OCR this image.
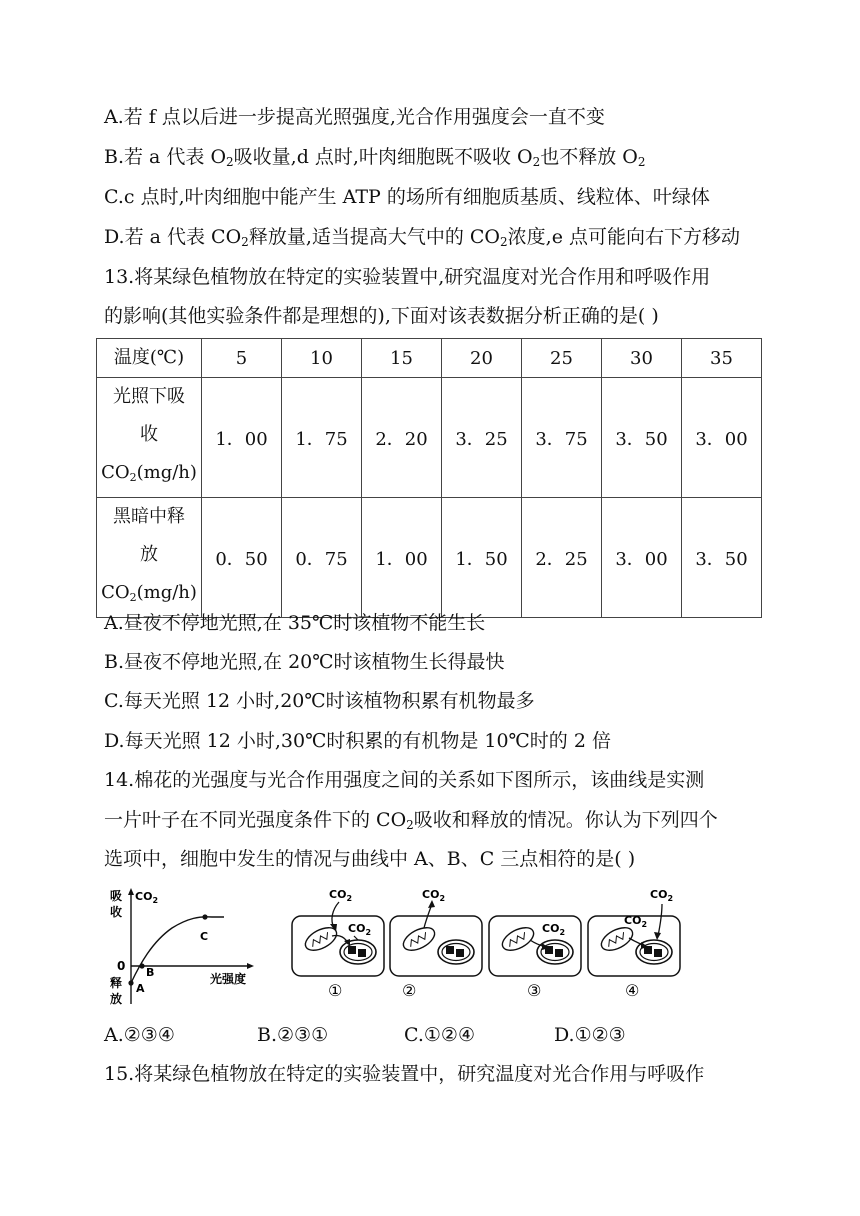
A.若 f 点以后进一步提高光照强度,光合作用强度会一直不变
B.若 a 代表 $O_2$吸收量,d 点时,叶肉细胞既不吸收 $O_2$也不释放 $O_2$
C.c 点时,叶肉细胞中能产生 ATP 的场所有细胞质基质、线粒体、叶绿体
D.若 a 代表 $CO_2$释放量,适当提高大气中的 $CO_2$浓度,e 点可能向右下方移动
13.将某绿色植物放在特定的实验装置中,研究温度对光合作用和呼吸作用
的影响(其他实验条件都是理想的),下面对该表数据分析正确的是( )
温度(℃)	5	10	15	20	25	30	35

光照下吸
收
$CO_2(mg/h)$	1．00	1．75	2．20	3．25	3．75	3．50	3．00

黑暗中释
放
$CO_2(mg/h)$	0．50	0．75	1．00	1．50	2．25	3．00	3．50
A.昼夜不停地光照,在 35℃时该植物不能生长
B.昼夜不停地光照,在 20℃时该植物生长得最快
C.每天光照 12 小时,20℃时该植物积累有机物最多
D.每天光照 12 小时,30℃时积累的有机物是 10℃时的 2 倍
14.棉花的光强度与光合作用强度之间的关系如下图所示，该曲线是实测
一片叶子在不同光强度条件下的 $CO_2$吸收和释放的情况。你认为下列四个
选项中，细胞中发生的情况与曲线中 A、B、C 三点相符的是( )
吸
收
$CO_2$
0
光强度
释
放
A
B
C
$CO_2$
$CO_2$
①
$CO_2$
②
$CO_2$
③
$CO_2$
$CO_2$
④
A.②③④	B.②③①	C.①②④	D.①②③
15.将某绿色植物放在特定的实验装置中，研究温度对光合作用与呼吸作
